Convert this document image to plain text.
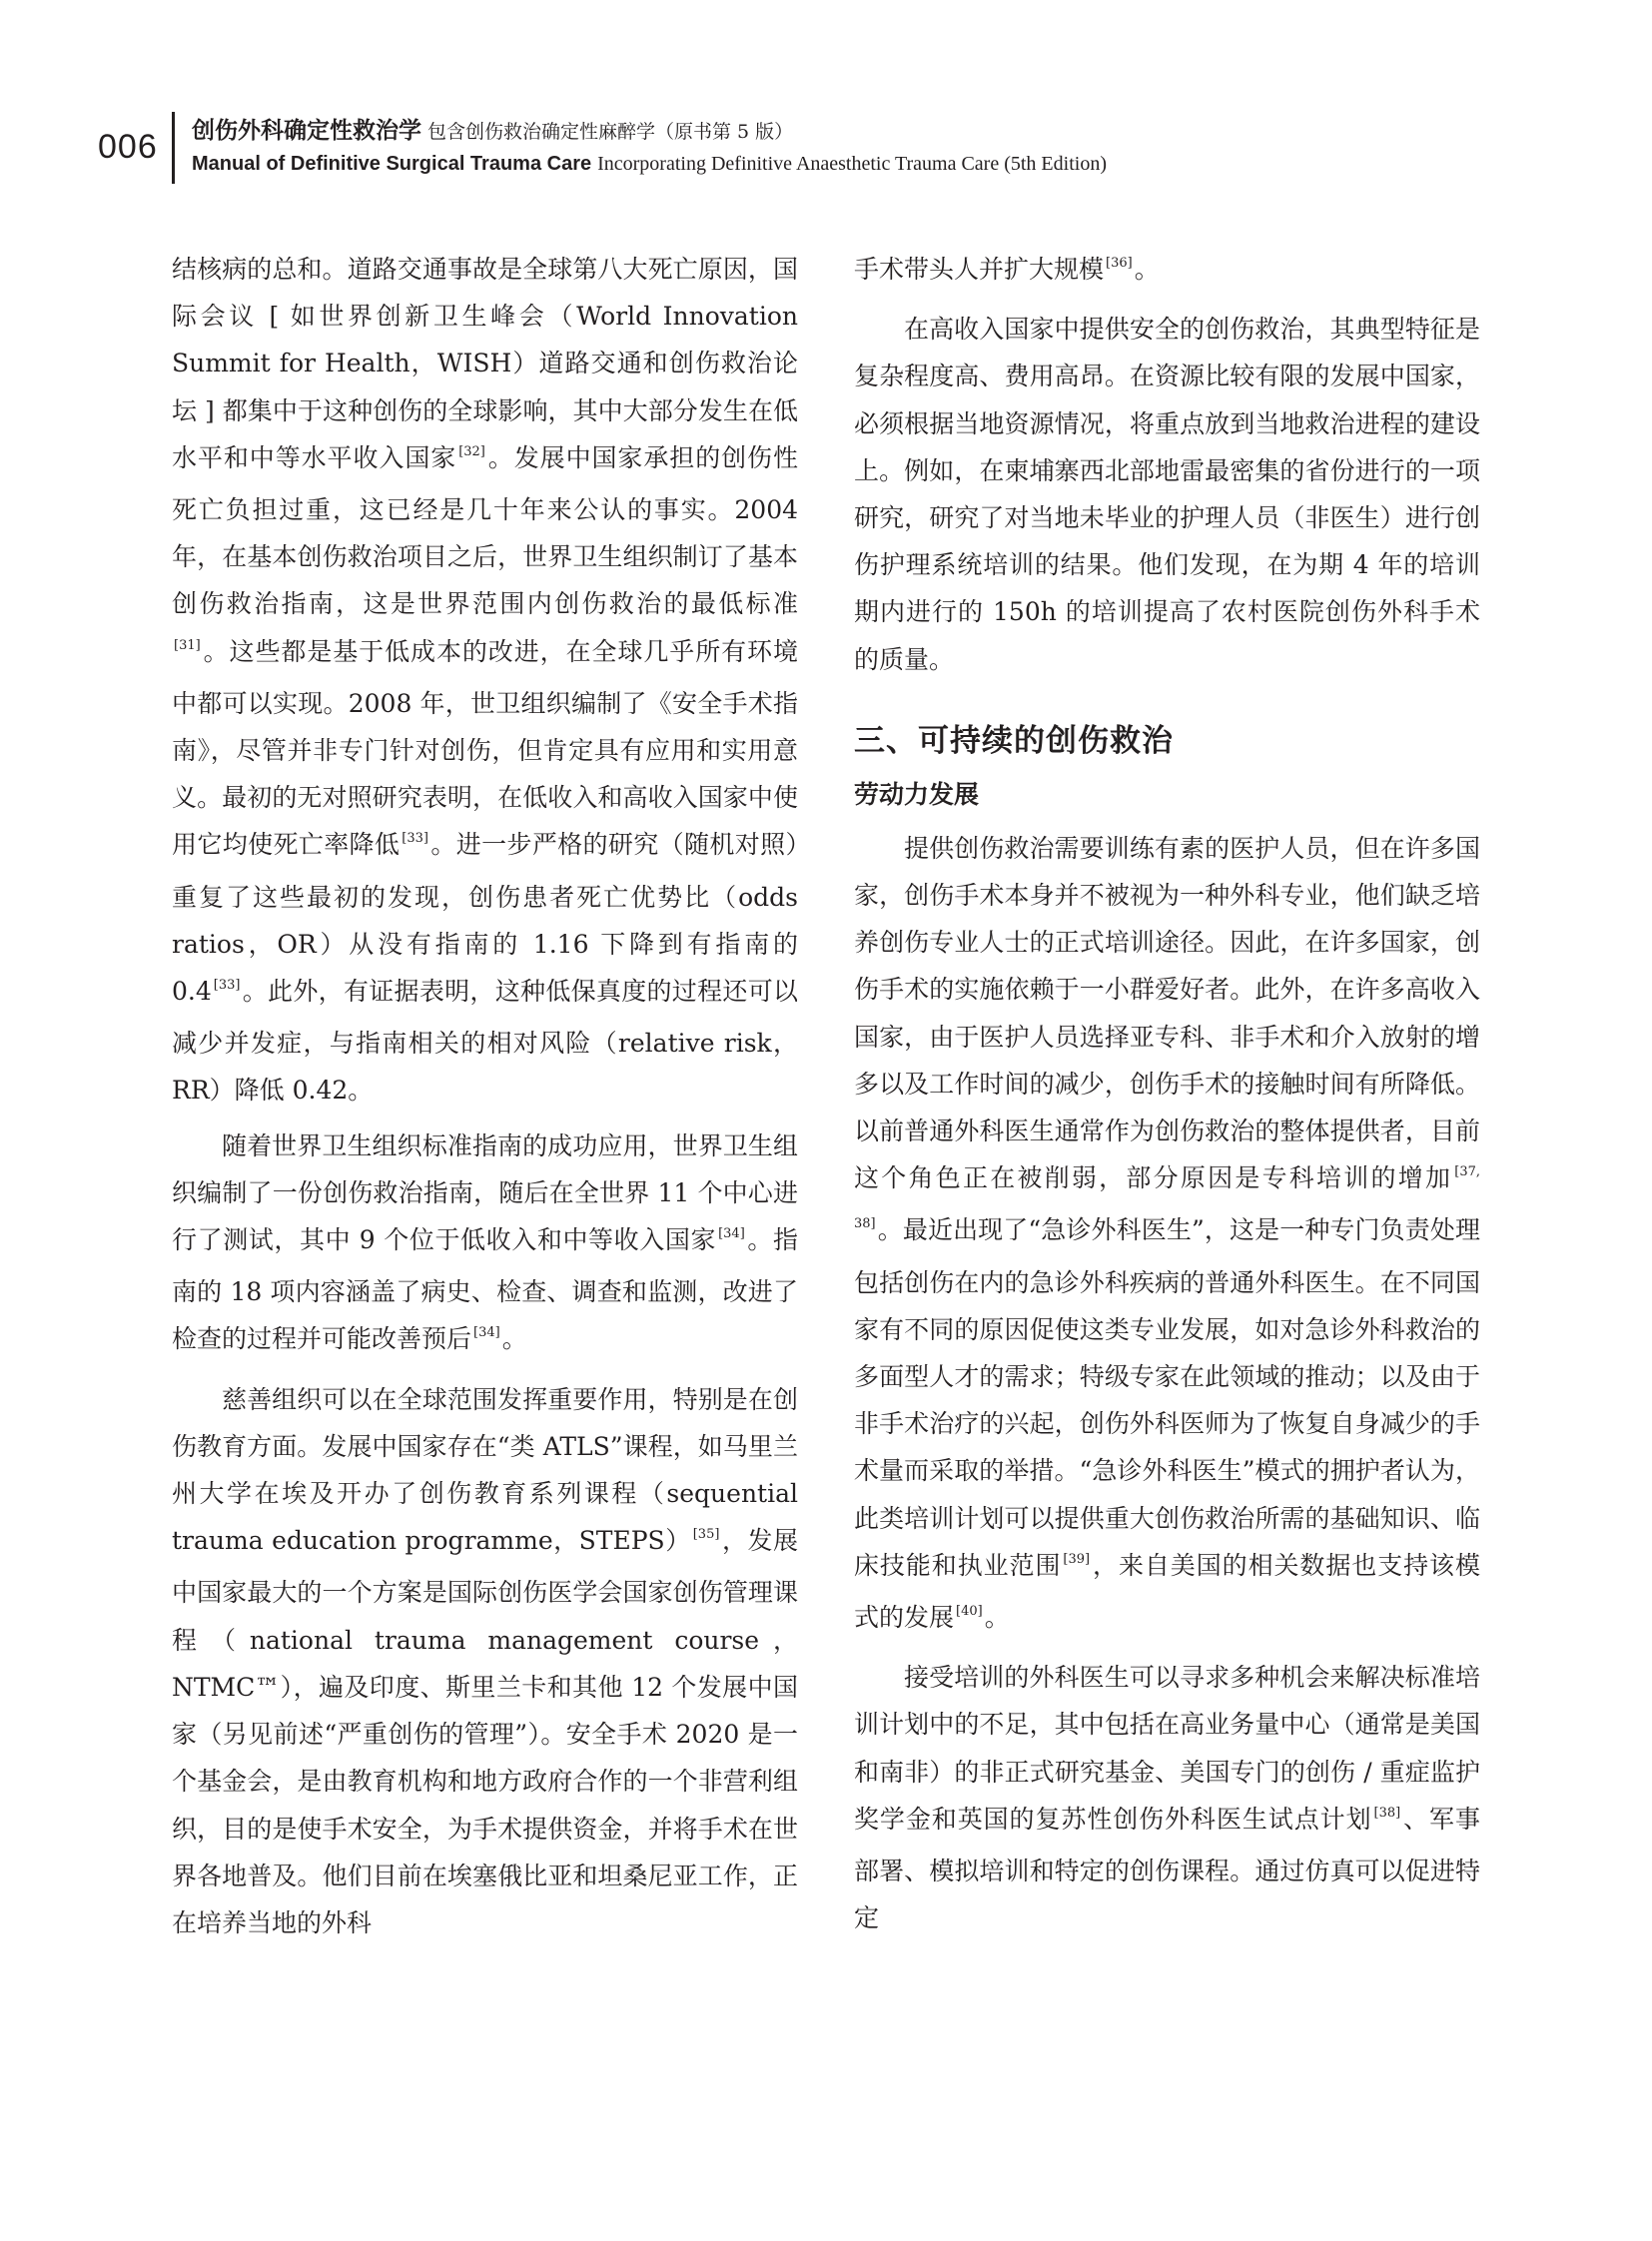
006 创伤外科确定性救治学 包含创伤救治确定性麻醉学（原书第 5 版）
Manual of Definitive Surgical Trauma Care Incorporating Definitive Anaesthetic Trauma Care (5th Edition)

结核病的总和。道路交通事故是全球第八大死亡原因，国际会议 [ 如世界创新卫生峰会（World Innovation Summit for Health，WISH）道路交通和创伤救治论坛 ] 都集中于这种创伤的全球影响，其中大部分发生在低水平和中等水平收入国家 [32]。发展中国家承担的创伤性死亡负担过重，这已经是几十年来公认的事实。2004 年，在基本创伤救治项目之后，世界卫生组织制订了基本创伤救治指南，这是世界范围内创伤救治的最低标准[31]。这些都是基于低成本的改进，在全球几乎所有环境中都可以实现。2008 年，世卫组织编制了《安全手术指南》，尽管并非专门针对创伤，但肯定具有应用和实用意义。最初的无对照研究表明，在低收入和高收入国家中使用它均使死亡率降低 [33]。进一步严格的研究（随机对照）重复了这些最初的发现，创伤患者死亡优势比（odds ratios，OR）从没有指南的 1.16 下降到有指南的 0.4 [33]。此外，有证据表明，这种低保真度的过程还可以减少并发症，与指南相关的相对风险（relative risk，RR）降低 0.42。

随着世界卫生组织标准指南的成功应用，世界卫生组织编制了一份创伤救治指南，随后在全世界 11 个中心进行了测试，其中 9 个位于低收入和中等收入国家 [34]。指南的 18 项内容涵盖了病史、检查、调查和监测，改进了检查的过程并可能改善预后 [34]。

慈善组织可以在全球范围发挥重要作用，特别是在创伤教育方面。发展中国家存在“类 ATLS”课程，如马里兰州大学在埃及开办了创伤教育系列课程（sequential trauma education programme，STEPS） [35]，发展中国家最大的一个方案是国际创伤医学会国家创伤管理课程（national trauma management course，NTMC™），遍及印度、斯里兰卡和其他 12 个发展中国家（另见前述“严重创伤的管理”）。安全手术 2020 是一个基金会，是由教育机构和地方政府合作的一个非营利组织，目的是使手术安全，为手术提供资金，并将手术在世界各地普及。他们目前在埃塞俄比亚和坦桑尼亚工作，正在培养当地的外科

手术带头人并扩大规模 [36]。

在高收入国家中提供安全的创伤救治，其典型特征是复杂程度高、费用高昂。在资源比较有限的发展中国家，必须根据当地资源情况，将重点放到当地救治进程的建设上。例如，在柬埔寨西北部地雷最密集的省份进行的一项研究，研究了对当地未毕业的护理人员（非医生）进行创伤护理系统培训的结果。他们发现，在为期 4 年的培训期内进行的 150h 的培训提高了农村医院创伤外科手术的质量。

三、可持续的创伤救治

劳动力发展

提供创伤救治需要训练有素的医护人员，但在许多国家，创伤手术本身并不被视为一种外科专业，他们缺乏培养创伤专业人士的正式培训途径。因此，在许多国家，创伤手术的实施依赖于一小群爱好者。此外，在许多高收入国家，由于医护人员选择亚专科、非手术和介入放射的增多以及工作时间的减少，创伤手术的接触时间有所降低。以前普通外科医生通常作为创伤救治的整体提供者，目前这个角色正在被削弱，部分原因是专科培训的增加 [37, 38]。最近出现了“急诊外科医生”，这是一种专门负责处理包括创伤在内的急诊外科疾病的普通外科医生。在不同国家有不同的原因促使这类专业发展，如对急诊外科救治的多面型人才的需求；特级专家在此领域的推动；以及由于非手术治疗的兴起，创伤外科医师为了恢复自身减少的手术量而采取的举措。“急诊外科医生”模式的拥护者认为，此类培训计划可以提供重大创伤救治所需的基础知识、临床技能和执业范围 [39]，来自美国的相关数据也支持该模式的发展 [40]。

接受培训的外科医生可以寻求多种机会来解决标准培训计划中的不足，其中包括在高业务量中心（通常是美国和南非）的非正式研究基金、美国专门的创伤 / 重症监护奖学金和英国的复苏性创伤外科医生试点计划 [38]、军事部署、模拟培训和特定的创伤课程。通过仿真可以促进特定
